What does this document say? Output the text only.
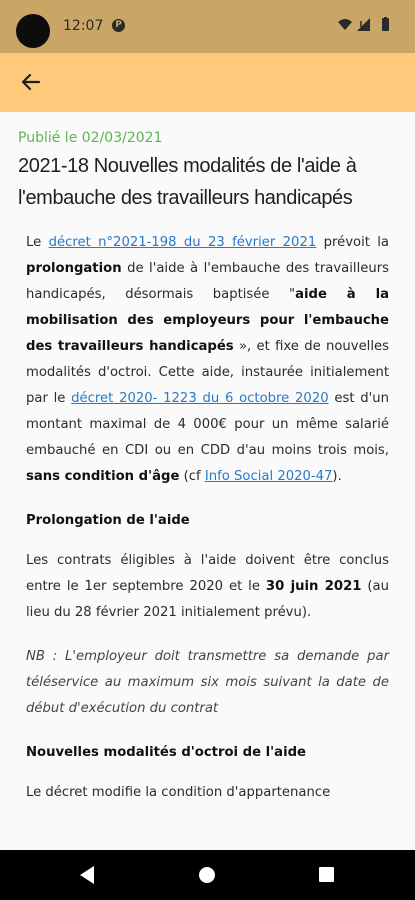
12:07	P
Publié le 02/03/2021
2021-18 Nouvelles modalités de l'aide à l'embauche des travailleurs handicapés

Le décret n°2021-198 du 23 février 2021 prévoit la prolongation de l'aide à l'embauche des travailleurs handicapés, désormais baptisée "aide à la mobilisation des employeurs pour l'embauche des travailleurs handicapés », et fixe de nouvelles modalités d'octroi. Cette aide, instaurée initialement par le décret 2020- 1223 du 6 octobre 2020 est d'un montant maximal de 4 000€ pour un même salarié embauché en CDI ou en CDD d'au moins trois mois, sans condition d'âge (cf Info Social 2020-47).

Prolongation de l'aide

Les contrats éligibles à l'aide doivent être conclus entre le 1er septembre 2020 et le 30 juin 2021 (au lieu du 28 février 2021 initialement prévu).

NB : L'employeur doit transmettre sa demande par téléservice au maximum six mois suivant la date de début d'exécution du contrat

Nouvelles modalités d'octroi de l'aide

Le décret modifie la condition d'appartenance
